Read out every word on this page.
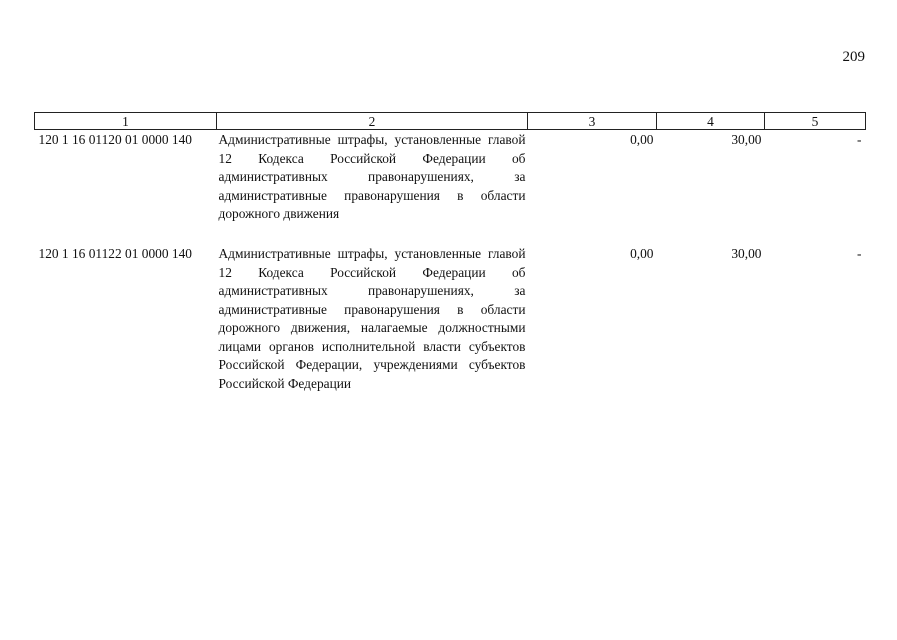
209
1	2	3	4	5
120 1 16 01120 01 0000 140	Административные штрафы, установленные главой 12 Кодекса Российской Федерации об административных правонарушениях, за административные правонарушения в области дорожного движения	0,00	30,00	-
120 1 16 01122 01 0000 140	Административные штрафы, установленные главой 12 Кодекса Российской Федерации об административных правонарушениях, за административные правонарушения в области дорожного движения, налагаемые должностными лицами органов исполнительной власти субъектов Российской Федерации, учреждениями субъектов Российской Федерации	0,00	30,00	-
